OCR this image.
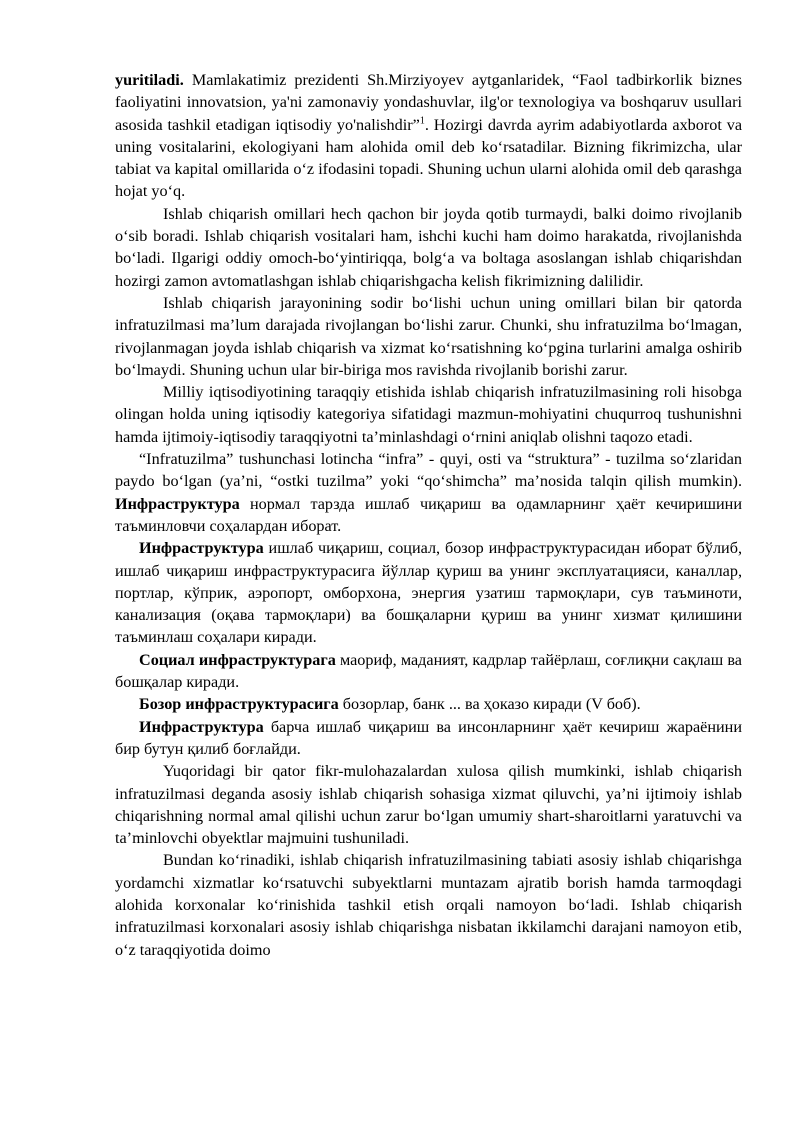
yuritiladi. Mamlakatimiz prezidenti Sh.Mirziyoyev aytganlaridek, “Faol tadbirkorlik biznes faoliyatini innovatsion, ya'ni zamonaviy yondashuvlar, ilg'or texnologiya va boshqaruv usullari asosida tashkil etadigan iqtisodiy yo'nalishdir”$^1$. Hozirgi davrda ayrim adabiyotlarda axborot va uning vositalarini, ekologiyani ham alohida omil deb ko‘rsatadilar. Bizning fikrimizcha, ular tabiat va kapital omillarida o‘z ifodasini topadi. Shuning uchun ularni alohida omil deb qarashga hojat yo‘q.

Ishlab chiqarish omillari hech qachon bir joyda qotib turmaydi, balki doimo rivojlanib o‘sib boradi. Ishlab chiqarish vositalari ham, ishchi kuchi ham doimo harakatda, rivojlanishda bo‘ladi. Ilgarigi oddiy omoch-bo‘yintiriqqa, bolg‘a va boltaga asoslangan ishlab chiqarishdan hozirgi zamon avtomatlashgan ishlab chiqarishgacha kelish fikrimizning dalilidir.

Ishlab chiqarish jarayonining sodir bo‘lishi uchun uning omillari bilan bir qatorda infratuzilmasi ma’lum darajada rivojlangan bo‘lishi zarur. Chunki, shu infratuzilma bo‘lmagan, rivojlanmagan joyda ishlab chiqarish va xizmat ko‘rsatishning ko‘pgina turlarini amalga oshirib bo‘lmaydi. Shuning uchun ular bir-biriga mos ravishda rivojlanib borishi zarur.

Milliy iqtisodiyotining taraqqiy etishida ishlab chiqarish infratuzilmasining roli hisobga olingan holda uning iqtisodiy kategoriya sifatidagi mazmun-mohiyatini chuqurroq tushunishni hamda ijtimoiy-iqtisodiy taraqqiyotni ta’minlashdagi o‘rnini aniqlab olishni taqozo etadi.

“Infratuzilma” tushunchasi lotincha “infra” - quyi, osti va “struktura” - tuzilma so‘zlaridan paydo bo‘lgan (ya’ni, “ostki tuzilma” yoki “qo‘shimcha” ma’nosida talqin qilish mumkin). Инфраструктура нормал тарзда ишлаб чиқариш ва одамларнинг ҳаёт кечиришини таъминловчи соҳалардан иборат.

Инфраструктура ишлаб чиқариш, социал, бозор инфраструктурасидан иборат бўлиб, ишлаб чиқариш инфраструктурасига йўллар қуриш ва унинг эксплуатацияси, каналлар, портлар, кўприк, аэропорт, омборхона, энергия узатиш тармоқлари, сув таъминоти, канализация (оқава тармоқлари) ва бошқаларни қуриш ва унинг хизмат қилишини таъминлаш соҳалари киради.

Социал инфраструктурага маориф, маданият, кадрлар тайёрлаш, соғлиқни сақлаш ва бошқалар киради.

Бозор инфраструктурасига бозорлар, банк ... ва ҳоказо киради (V боб).

Инфраструктура барча ишлаб чиқариш ва инсонларнинг ҳаёт кечириш жараёнини бир бутун қилиб боғлайди.

Yuqoridagi bir qator fikr-mulohazalardan xulosa qilish mumkinki, ishlab chiqarish infratuzilmasi deganda asosiy ishlab chiqarish sohasiga xizmat qiluvchi, ya’ni ijtimoiy ishlab chiqarishning normal amal qilishi uchun zarur bo‘lgan umumiy shart-sharoitlarni yaratuvchi va ta’minlovchi obyektlar majmuini tushuniladi.

Bundan ko‘rinadiki, ishlab chiqarish infratuzilmasining tabiati asosiy ishlab chiqarishga yordamchi xizmatlar ko‘rsatuvchi subyektlarni muntazam ajratib borish hamda tarmoqdagi alohida korxonalar ko‘rinishida tashkil etish orqali namoyon bo‘ladi. Ishlab chiqarish infratuzilmasi korxonalari asosiy ishlab chiqarishga nisbatan ikkilamchi darajani namoyon etib, o‘z taraqqiyotida doimo
